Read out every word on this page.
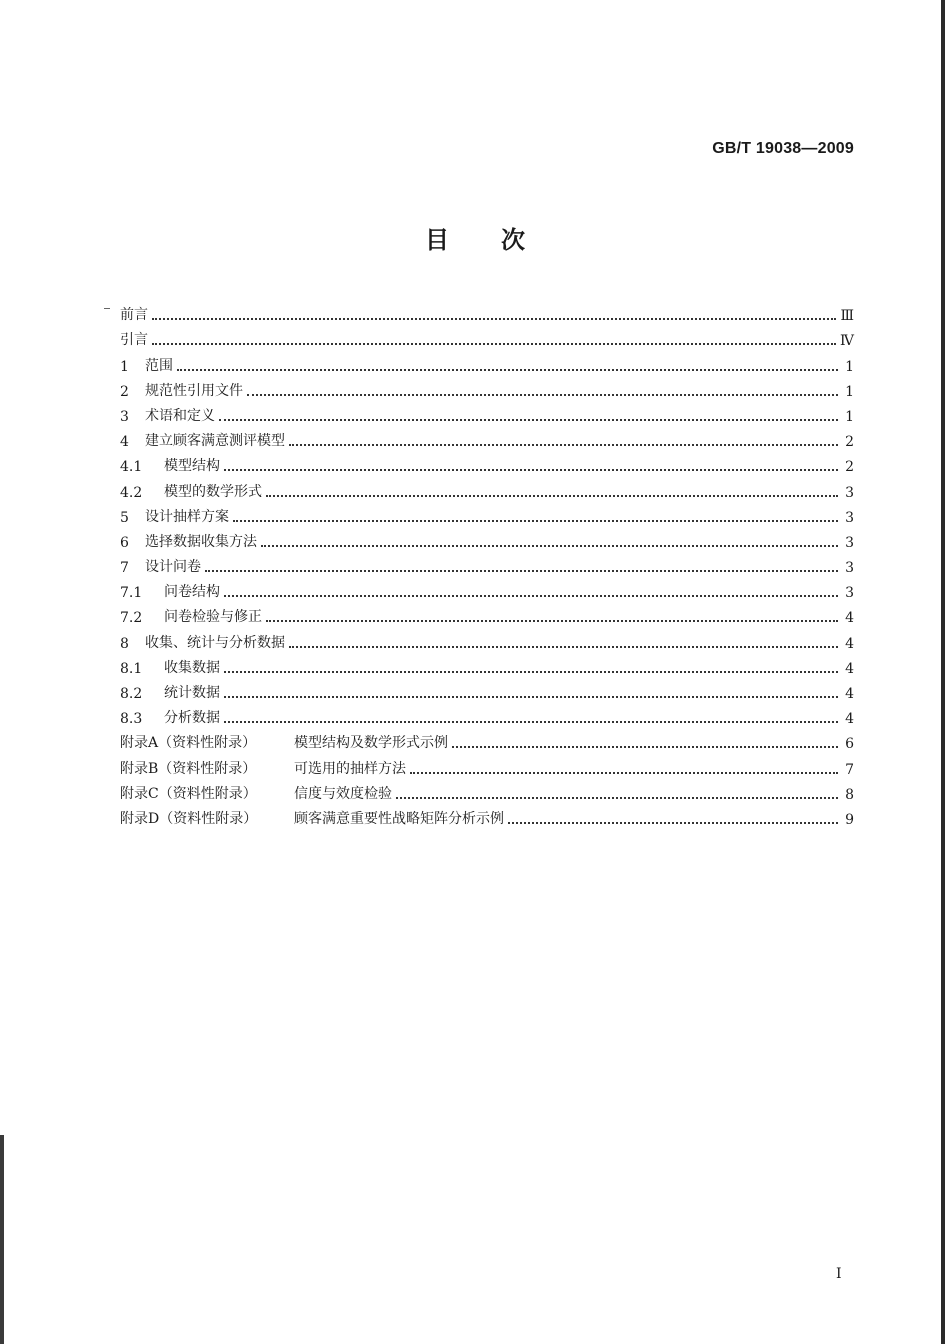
GB/T 19038—2009
目 次
前言	Ⅲ
引言	Ⅳ
1	范围	1
2	规范性引用文件	1
3	术语和定义	1
4	建立顾客满意测评模型	2
4.1	模型结构	2
4.2	模型的数学形式	3
5	设计抽样方案	3
6	选择数据收集方法	3
7	设计问卷	3
7.1	问卷结构	3
7.2	问卷检验与修正	4
8	收集、统计与分析数据	4
8.1	收集数据	4
8.2	统计数据	4
8.3	分析数据	4
附录A（资料性附录）	模型结构及数学形式示例	6
附录B（资料性附录）	可选用的抽样方法	7
附录C（资料性附录）	信度与效度检验	8
附录D（资料性附录）	顾客满意重要性战略矩阵分析示例	9
I
